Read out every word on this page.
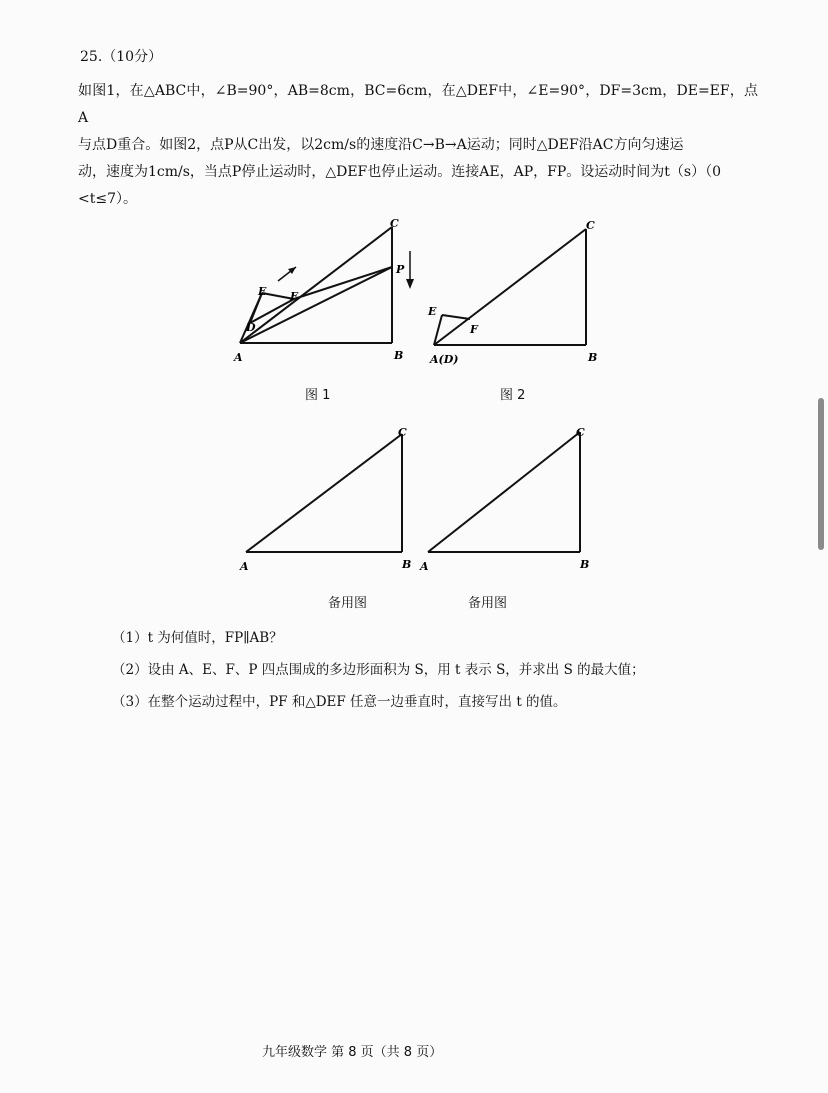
25.（10分）
如图1，在△ABC中，∠B=90°，AB=8cm，BC=6cm，在△DEF中，∠E=90°，DF=3cm，DE=EF，点A
与点D重合。如图2，点P从C出发，以2cm/s的速度沿C→B→A运动；同时△DEF沿AC方向匀速运
动，速度为1cm/s，当点P停止运动时，△DEF也停止运动。连接AE，AP，FP。设运动时间为t（s）（0
<t≤7）。
C
P
E F
D
A	B
C
E
F
A(D)	B
图 1	图 2
C
A	B
C
A	B
备用图	备用图
（1）t 为何值时，FP∥AB？
（2）设由 A、E、F、P 四点围成的多边形面积为 S，用 t 表示 S，并求出 S 的最大值；
（3）在整个运动过程中，PF 和△DEF 任意一边垂直时，直接写出 t 的值。
九年级数学 第 8 页（共 8 页）
